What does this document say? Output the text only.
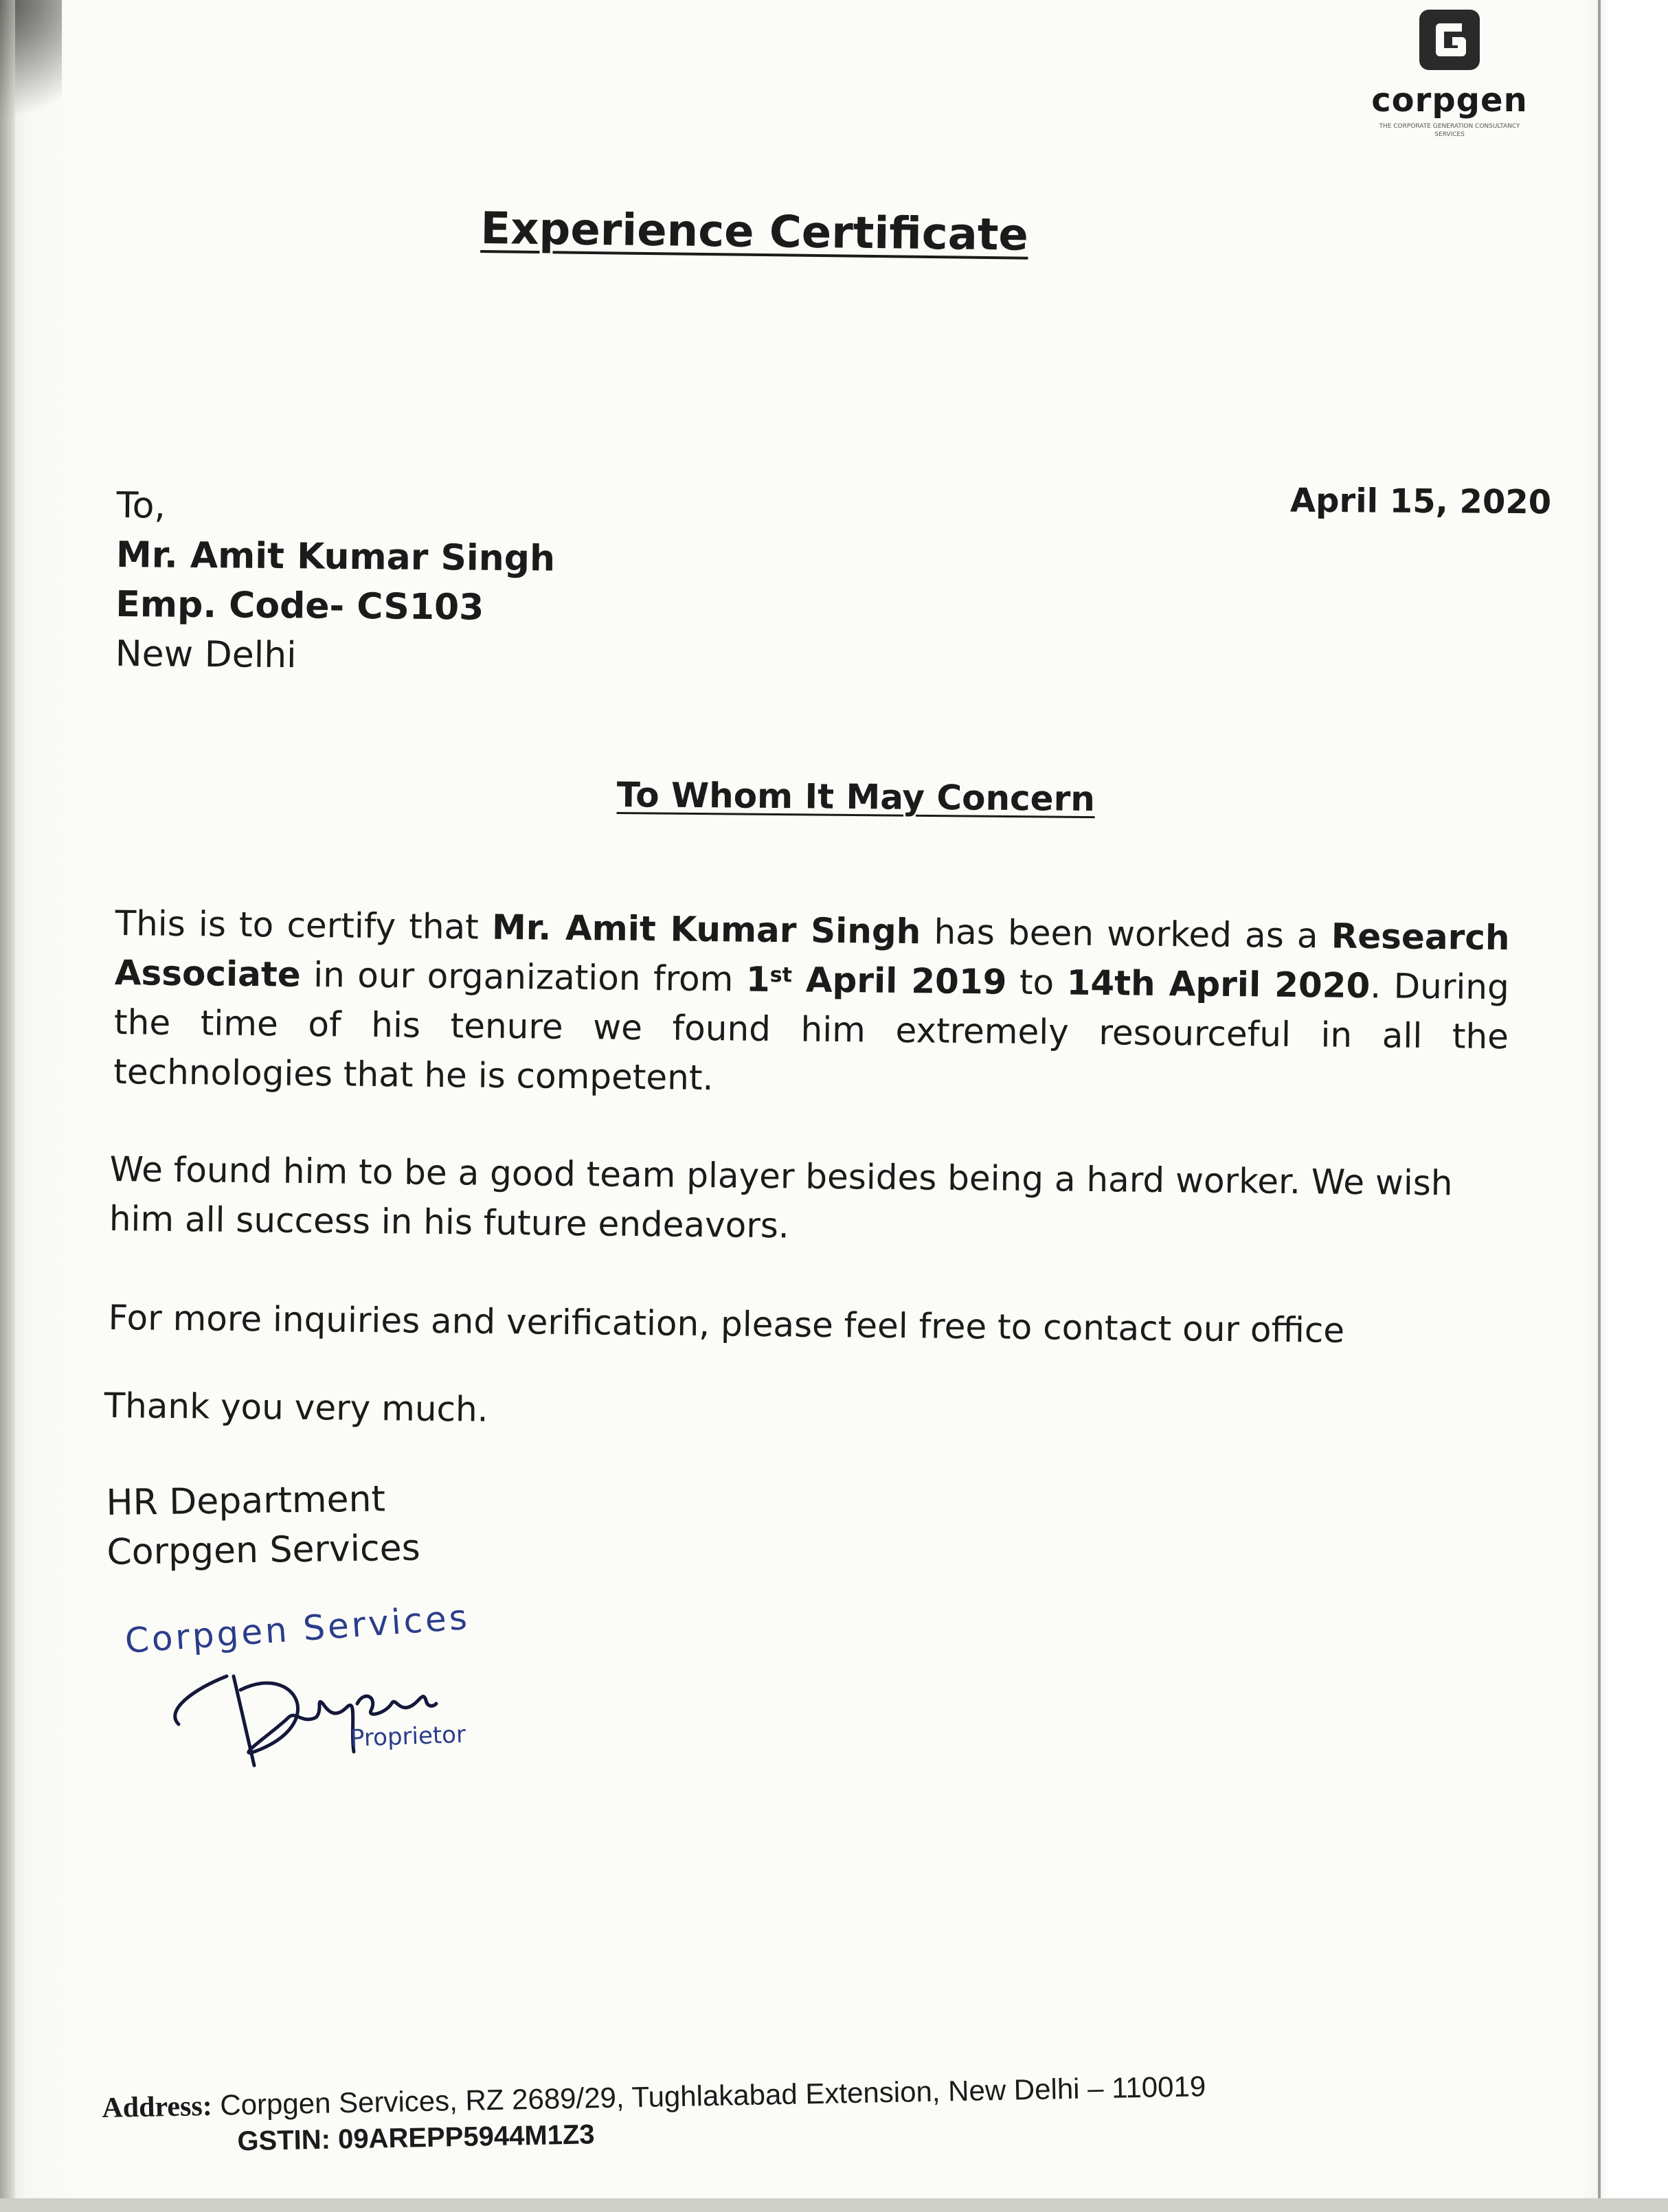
corpgen
THE CORPORATE GENERATION CONSULTANCY SERVICES
Experience Certificate
April 15, 2020
To,
Mr. Amit Kumar Singh
Emp. Code- CS103
New Delhi
To Whom It May Concern
This is to certify that Mr. Amit Kumar Singh has been worked as a Research Associate in our organization from 1st April 2019 to 14th April 2020. During the time of his tenure we found him extremely resourceful in all the technologies that he is competent.
We found him to be a good team player besides being a hard worker. We wish him all success in his future endeavors.
For more inquiries and verification, please feel free to contact our office
Thank you very much.
HR Department
Corpgen Services
Corpgen Services
Proprietor
Address: Corpgen Services, RZ 2689/29, Tughlakabad Extension, New Delhi – 110019
GSTIN: 09AREPP5944M1Z3
